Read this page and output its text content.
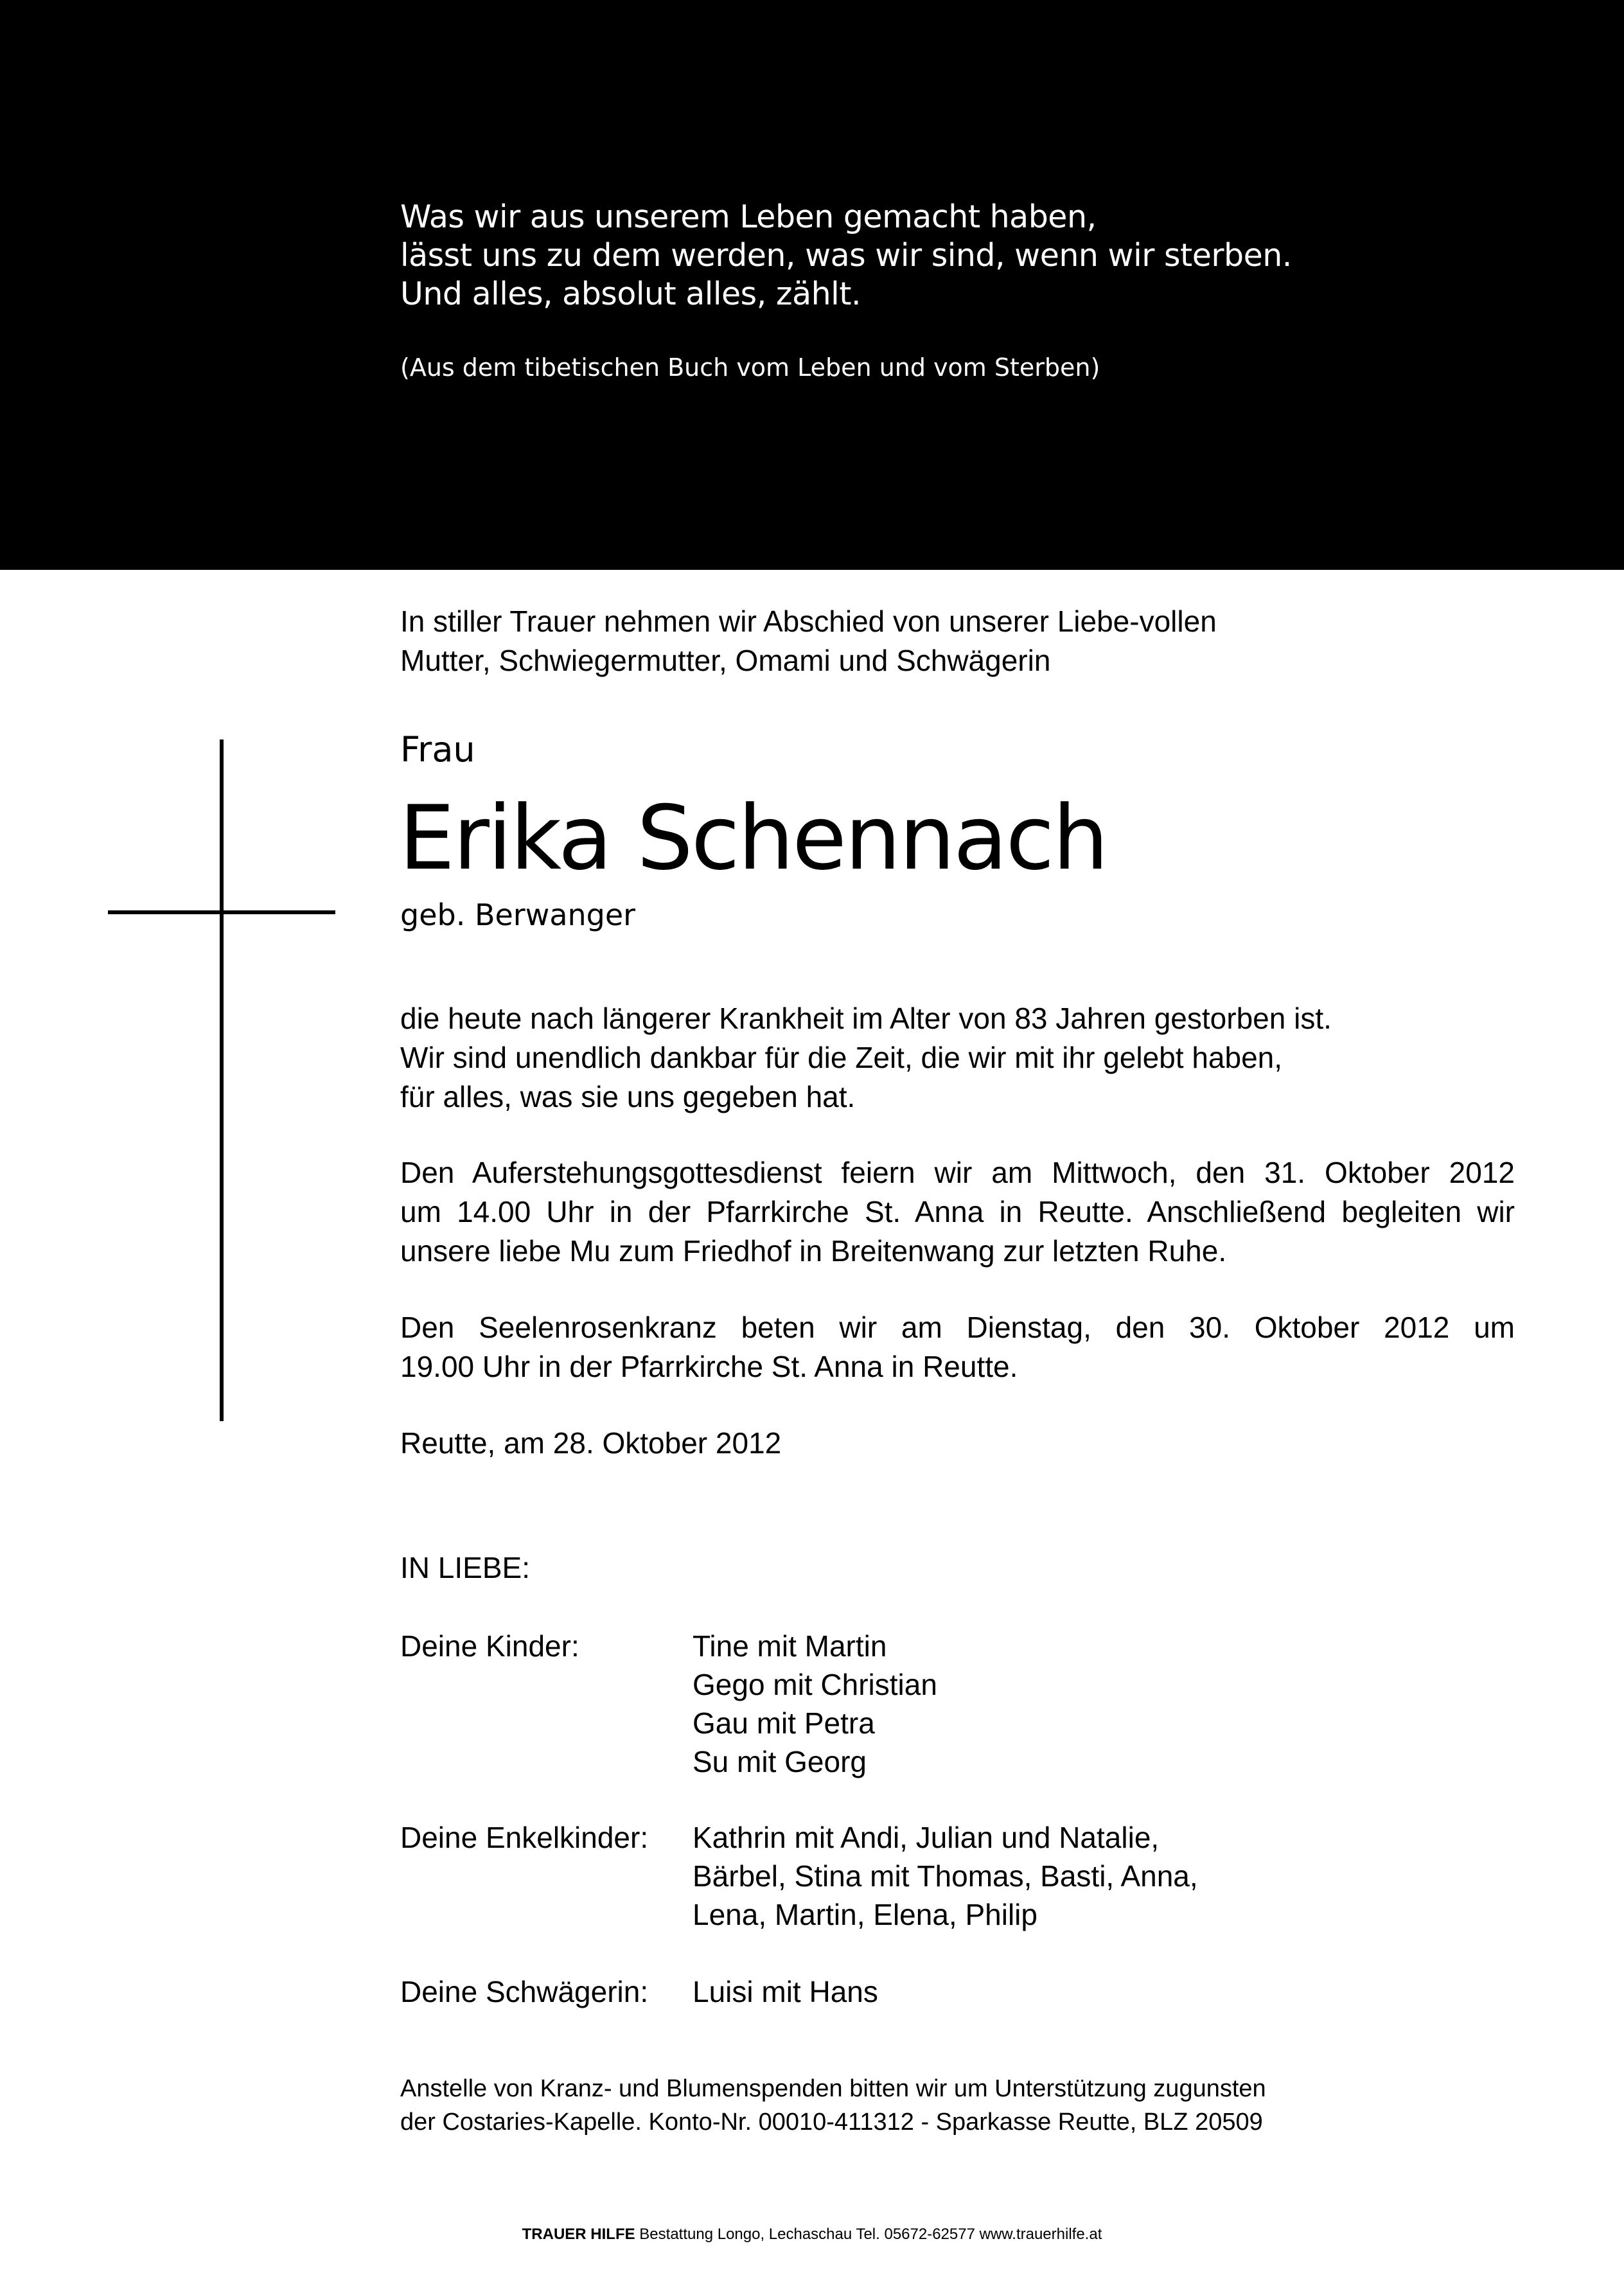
Was wir aus unserem Leben gemacht haben,
lässt uns zu dem werden, was wir sind, wenn wir sterben.
Und alles, absolut alles, zählt.
(Aus dem tibetischen Buch vom Leben und vom Sterben)
In stiller Trauer nehmen wir Abschied von unserer Liebe-vollen
Mutter, Schwiegermutter, Omami und Schwägerin
Frau
Erika Schennach
geb. Berwanger
die heute nach längerer Krankheit im Alter von 83 Jahren gestorben ist.
Wir sind unendlich dankbar für die Zeit, die wir mit ihr gelebt haben,
für alles, was sie uns gegeben hat.
Den Auferstehungsgottesdienst feiern wir am Mittwoch, den 31. Oktober 2012
um 14.00 Uhr in der Pfarrkirche St. Anna in Reutte. Anschließend begleiten wir
unsere liebe Mu zum Friedhof in Breitenwang zur letzten Ruhe.
Den Seelenrosenkranz beten wir am Dienstag, den 30. Oktober 2012 um
19.00 Uhr in der Pfarrkirche St. Anna in Reutte.
Reutte, am 28. Oktober 2012
IN LIEBE:
Deine Kinder:	Tine mit Martin
Gego mit Christian
Gau mit Petra
Su mit Georg
Deine Enkelkinder: Kathrin mit Andi, Julian und Natalie,
Bärbel, Stina mit Thomas, Basti, Anna,
Lena, Martin, Elena, Philip
Deine Schwägerin: Luisi mit Hans
Anstelle von Kranz- und Blumenspenden bitten wir um Unterstützung zugunsten
der Costaries-Kapelle. Konto-Nr. 00010-411312 - Sparkasse Reutte, BLZ 20509
TRAUER HILFE Bestattung Longo, Lechaschau Tel. 05672-62577 www.trauerhilfe.at
